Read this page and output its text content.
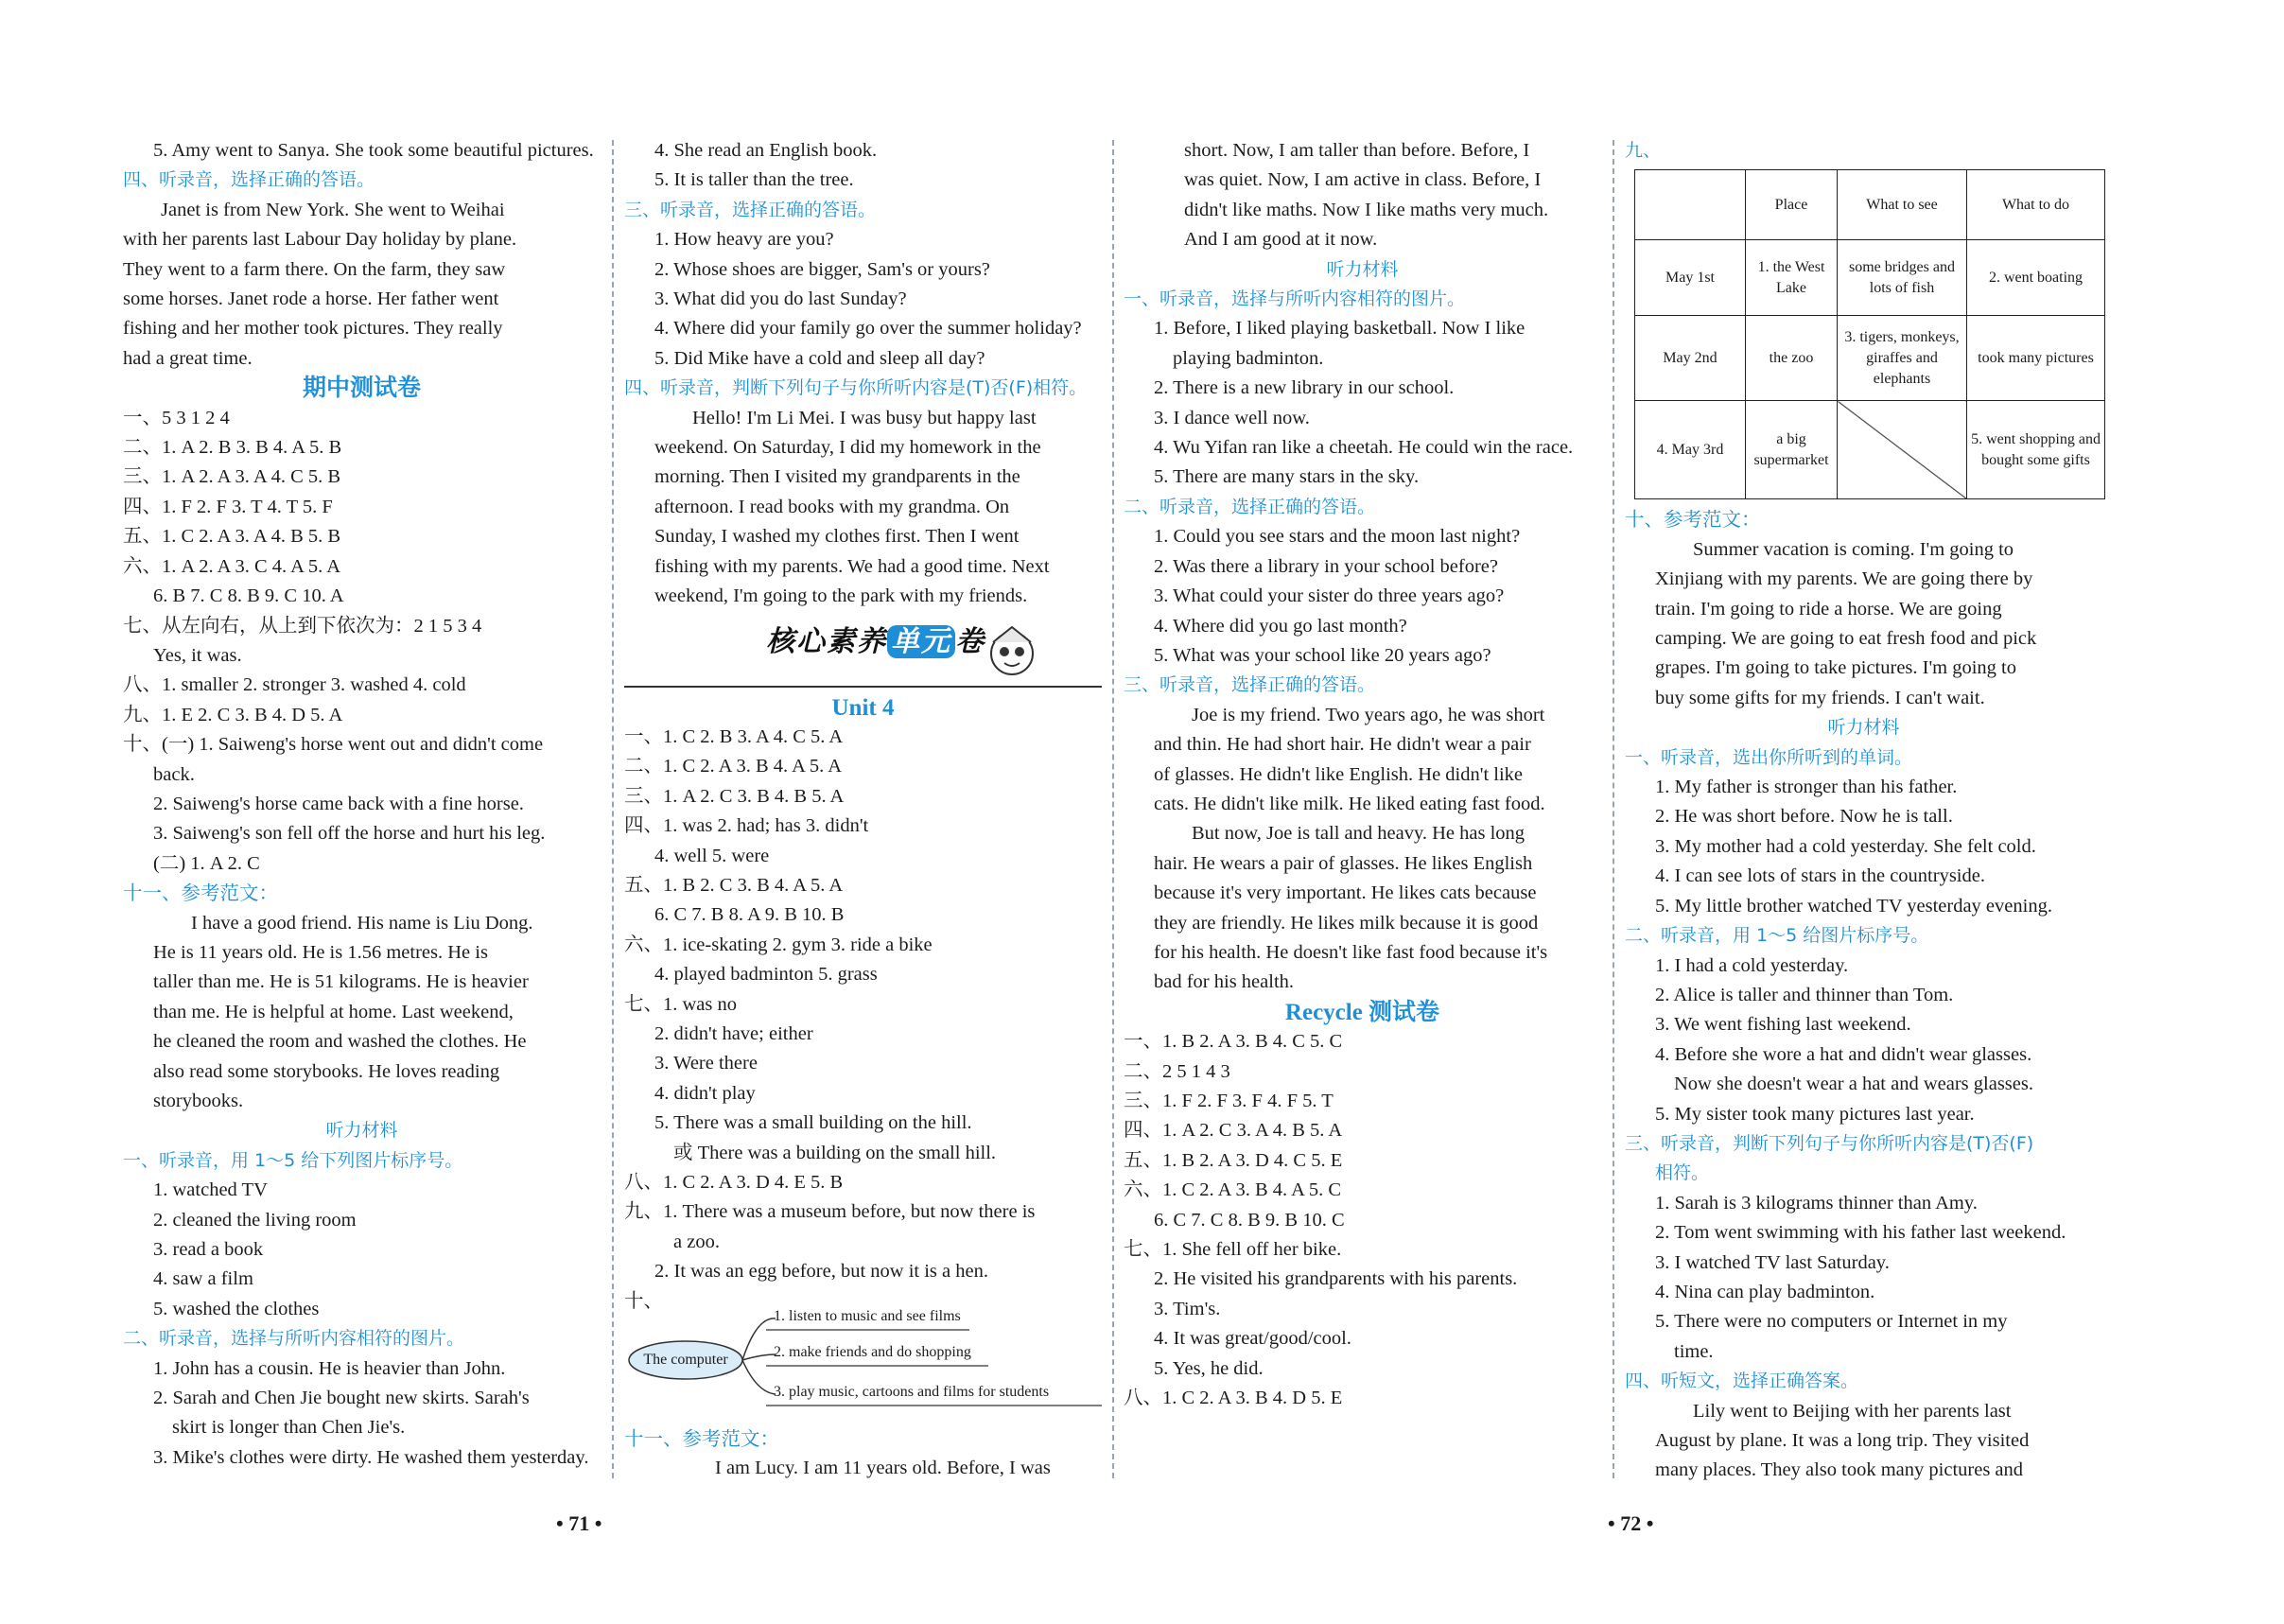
5. Amy went to Sanya. She took some beautiful pictures.
四、听录音，选择正确的答语。
Janet is from New York. She went to Weihai
with her parents last Labour Day holiday by plane.
They went to a farm there. On the farm, they saw
some horses. Janet rode a horse. Her father went
fishing and her mother took pictures. They really
had a great time.
期中测试卷
一、5 3 1 2 4
二、1. A 2. B 3. B 4. A 5. B
三、1. A 2. A 3. A 4. C 5. B
四、1. F 2. F 3. T 4. T 5. F
五、1. C 2. A 3. A 4. B 5. B
六、1. A 2. A 3. C 4. A 5. A
6. B 7. C 8. B 9. C 10. A
七、从左向右，从上到下依次为：2 1 5 3 4
Yes, it was.
八、1. smaller 2. stronger 3. washed 4. cold
九、1. E 2. C 3. B 4. D 5. A
十、(一) 1. Saiweng's horse went out and didn't come
back.
2. Saiweng's horse came back with a fine horse.
3. Saiweng's son fell off the horse and hurt his leg.
(二) 1. A 2. C
十一、参考范文：
I have a good friend. His name is Liu Dong.
He is 11 years old. He is 1.56 metres. He is
taller than me. He is 51 kilograms. He is heavier
than me. He is helpful at home. Last weekend,
he cleaned the room and washed the clothes. He
also read some storybooks. He loves reading
storybooks.
听力材料
一、听录音，用 1～5 给下列图片标序号。
1. watched TV
2. cleaned the living room
3. read a book
4. saw a film
5. washed the clothes
二、听录音，选择与所听内容相符的图片。
1. John has a cousin. He is heavier than John.
2. Sarah and Chen Jie bought new skirts. Sarah's
skirt is longer than Chen Jie's.
3. Mike's clothes were dirty. He washed them yesterday.
4. She read an English book.
5. It is taller than the tree.
三、听录音，选择正确的答语。
1. How heavy are you?
2. Whose shoes are bigger, Sam's or yours?
3. What did you do last Sunday?
4. Where did your family go over the summer holiday?
5. Did Mike have a cold and sleep all day?
四、听录音，判断下列句子与你所听内容是(T)否(F)相符。
Hello! I'm Li Mei. I was busy but happy last
weekend. On Saturday, I did my homework in the
morning. Then I visited my grandparents in the
afternoon. I read books with my grandma. On
Sunday, I washed my clothes first. Then I went
fishing with my parents. We had a good time. Next
weekend, I'm going to the park with my friends.
核心素养 单元 卷
Unit 4
一、1. C 2. B 3. A 4. C 5. A
二、1. C 2. A 3. B 4. A 5. A
三、1. A 2. C 3. B 4. B 5. A
四、1. was 2. had; has 3. didn't
4. well 5. were
五、1. B 2. C 3. B 4. A 5. A
6. C 7. B 8. A 9. B 10. B
六、1. ice-skating 2. gym 3. ride a bike
4. played badminton 5. grass
七、1. was no
2. didn't have; either
3. Were there
4. didn't play
5. There was a small building on the hill.
或 There was a building on the small hill.
八、1. C 2. A 3. D 4. E 5. B
九、1. There was a museum before, but now there is
a zoo.
2. It was an egg before, but now it is a hen.
十、
The computer
1. listen to music and see films
2. make friends and do shopping
3. play music, cartoons and films for students
十一、参考范文：
I am Lucy. I am 11 years old. Before, I was
short. Now, I am taller than before. Before, I
was quiet. Now, I am active in class. Before, I
didn't like maths. Now I like maths very much.
And I am good at it now.
听力材料
一、听录音，选择与所听内容相符的图片。
1. Before, I liked playing basketball. Now I like
playing badminton.
2. There is a new library in our school.
3. I dance well now.
4. Wu Yifan ran like a cheetah. He could win the race.
5. There are many stars in the sky.
二、听录音，选择正确的答语。
1. Could you see stars and the moon last night?
2. Was there a library in your school before?
3. What could your sister do three years ago?
4. Where did you go last month?
5. What was your school like 20 years ago?
三、听录音，选择正确的答语。
Joe is my friend. Two years ago, he was short
and thin. He had short hair. He didn't wear a pair
of glasses. He didn't like English. He didn't like
cats. He didn't like milk. He liked eating fast food.
But now, Joe is tall and heavy. He has long
hair. He wears a pair of glasses. He likes English
because it's very important. He likes cats because
they are friendly. He likes milk because it is good
for his health. He doesn't like fast food because it's
bad for his health.
Recycle 测试卷
一、1. B 2. A 3. B 4. C 5. C
二、2 5 1 4 3
三、1. F 2. F 3. F 4. F 5. T
四、1. A 2. C 3. A 4. B 5. A
五、1. B 2. A 3. D 4. C 5. E
六、1. C 2. A 3. B 4. A 5. C
6. C 7. C 8. B 9. B 10. C
七、1. She fell off her bike.
2. He visited his grandparents with his parents.
3. Tim's.
4. It was great/good/cool.
5. Yes, he did.
八、1. C 2. A 3. B 4. D 5. E
九、
	Place	What to see	What to do
May 1st	1. the West Lake	some bridges and lots of fish	2. went boating
May 2nd	the zoo	3. tigers, monkeys, giraffes and elephants	took many pictures
4. May 3rd	a big supermarket		5. went shopping and bought some gifts
十、参考范文：
Summer vacation is coming. I'm going to
Xinjiang with my parents. We are going there by
train. I'm going to ride a horse. We are going
camping. We are going to eat fresh food and pick
grapes. I'm going to take pictures. I'm going to
buy some gifts for my friends. I can't wait.
听力材料
一、听录音，选出你所听到的单词。
1. My father is stronger than his father.
2. He was short before. Now he is tall.
3. My mother had a cold yesterday. She felt cold.
4. I can see lots of stars in the countryside.
5. My little brother watched TV yesterday evening.
二、听录音，用 1～5 给图片标序号。
1. I had a cold yesterday.
2. Alice is taller and thinner than Tom.
3. We went fishing last weekend.
4. Before she wore a hat and didn't wear glasses.
Now she doesn't wear a hat and wears glasses.
5. My sister took many pictures last year.
三、听录音，判断下列句子与你所听内容是(T)否(F)
相符。
1. Sarah is 3 kilograms thinner than Amy.
2. Tom went swimming with his father last weekend.
3. I watched TV last Saturday.
4. Nina can play badminton.
5. There were no computers or Internet in my
time.
四、听短文，选择正确答案。
Lily went to Beijing with her parents last
August by plane. It was a long trip. They visited
many places. They also took many pictures and
• 71 •	• 72 •
